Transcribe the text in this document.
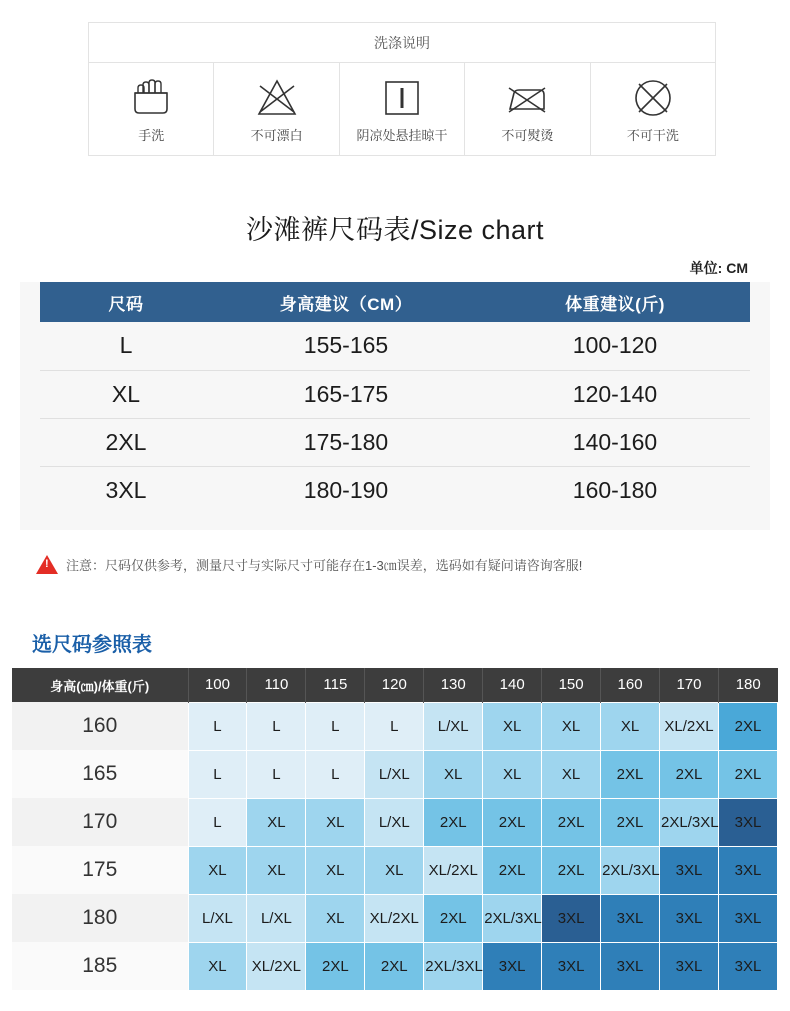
洗涤说明
手洗	不可漂白	阴凉处悬挂晾干	不可熨烫	不可干洗
沙滩裤尺码表/Size chart
单位: CM
尺码	身高建议（CM）	体重建议(斤)
L	155-165	100-120
XL	165-175	120-140
2XL	175-180	140-160
3XL	180-190	160-180
!
注意：尺码仅供参考，测量尺寸与实际尺寸可能存在1-3㎝误差，选码如有疑问请咨询客服!
选尺码参照表
身高(㎝)/体重(斤)	100	110	115	120	130	140	150	160	170	180
160	L	L	L	L	L/XL	XL	XL	XL	XL/2XL	2XL
165	L	L	L	L/XL	XL	XL	XL	2XL	2XL	2XL
170	L	XL	XL	L/XL	2XL	2XL	2XL	2XL	2XL/3XL	3XL
175	XL	XL	XL	XL	XL/2XL	2XL	2XL	2XL/3XL	3XL	3XL
180	L/XL	L/XL	XL	XL/2XL	2XL	2XL/3XL	3XL	3XL	3XL	3XL
185	XL	XL/2XL	2XL	2XL	2XL/3XL	3XL	3XL	3XL	3XL	3XL
